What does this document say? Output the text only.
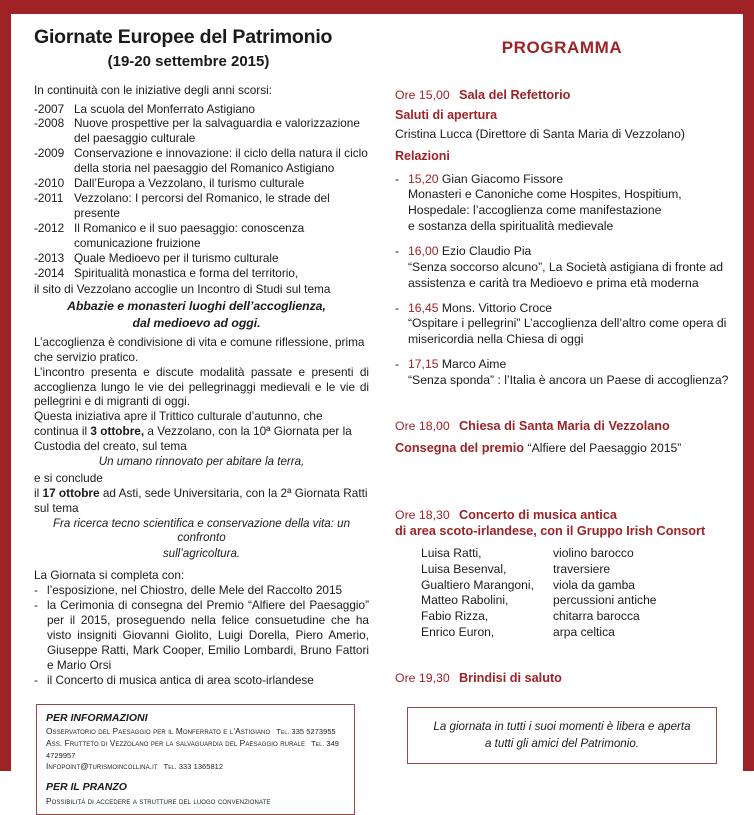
Giornate Europee del Patrimonio
(19-20 settembre 2015)

In continuità con le iniziative degli anni scorsi:

-2007 La scuola del Monferrato Astigiano
-2008 Nuove prospettive per la salvaguardia e valorizzazione del paesaggio culturale
-2009 Conservazione e innovazione: il ciclo della natura il ciclo della storia nel paesaggio del Romanico Astigiano
-2010 Dall’Europa a Vezzolano, il turismo culturale
-2011 Vezzolano: I percorsi del Romanico, le strade del presente
-2012 Il Romanico e il suo paesaggio: conoscenza comunicazione fruizione
-2013 Quale Medioevo per il turismo culturale
-2014 Spiritualità monastica e forma del territorio,

il sito di Vezzolano accoglie un Incontro di Studi sul tema

Abbazie e monasteri luoghi dell’accoglienza,
dal medioevo ad oggi.

L’accoglienza è condivisione di vita e comune riflessione, prima che servizio pratico.

L’incontro presenta e discute modalità passate e presenti di accoglienza lungo le vie dei pellegrinaggi medievali e le vie di pellegrini e di migranti di oggi.

Questa iniziativa apre il Trittico culturale d’autunno, che continua il 3 ottobre, a Vezzolano, con la 10ª Giornata per la Custodia del creato, sul tema

Un umano rinnovato per abitare la terra,

e si conclude

il 17 ottobre ad Asti, sede Universitaria, con la 2ª Giornata Ratti sul tema

Fra ricerca tecno scientifica e conservazione della vita: un confronto
sull’agricoltura.

La Giornata si completa con:

- l’esposizione, nel Chiostro, delle Mele del Raccolto 2015
- la Cerimonia di consegna del Premio “Alfiere del Paesaggio” per il 2015, proseguendo nella felice consuetudine che ha visto insigniti Giovanni Giolito, Luigi Dorella, Piero Amerio, Giuseppe Ratti, Mark Cooper, Emilio Lombardi, Bruno Fattori e Mario Orsi
- il Concerto di musica antica di area scoto-irlandese
PER INFORMAZIONI

Osservatorio del Paesaggio per il Monferrato e l’Astigiano Tel. 335 5273955

Ass. Frutteto di Vezzolano per la salvaguardia del Paesaggio rurale Tel. 349 4729957

Infopoint@turismoincollina.it Tel. 333 1365812

PER IL PRANZO
Possibilità di accedere a strutture del luogo convenzionate
PROGRAMMA
Ore 15,00 Sala del Refettorio
Saluti di apertura
Cristina Lucca (Direttore di Santa Maria di Vezzolano)
Relazioni
- 15,20 Gian Giacomo Fissore
Monasteri e Canoniche come Hospites, Hospitium,
Hospedale: l’accoglienza come manifestazione
e sostanza della spiritualità medievale
- 16,00 Ezio Claudio Pia
“Senza soccorso alcuno”, La Società astigiana di fronte ad
assistenza e carità tra Medioevo e prima età moderna
- 16,45 Mons. Vittorio Croce
“Ospitare i pellegrini” L’accoglienza dell’altro come opera di
misericordia nella Chiesa di oggi
- 17,15 Marco Aime
“Senza sponda” : l’Italia è ancora un Paese di accoglienza?
Ore 18,00 Chiesa di Santa Maria di Vezzolano
Consegna del premio “Alfiere del Paesaggio 2015”
Ore 18,30 Concerto di musica antica
di area scoto-irlandese, con il Gruppo Irish Consort
Luisa Ratti,	violino barocco
Luisa Besenval,	traversiere
Gualtiero Marangoni,	viola da gamba
Matteo Rabolini,	percussioni antiche
Fabio Rizza,	chitarra barocca
Enrico Euron,	arpa celtica
Ore 19,30 Brindisi di saluto
La giornata in tutti i suoi momenti è libera e aperta
a tutti gli amici del Patrimonio.
